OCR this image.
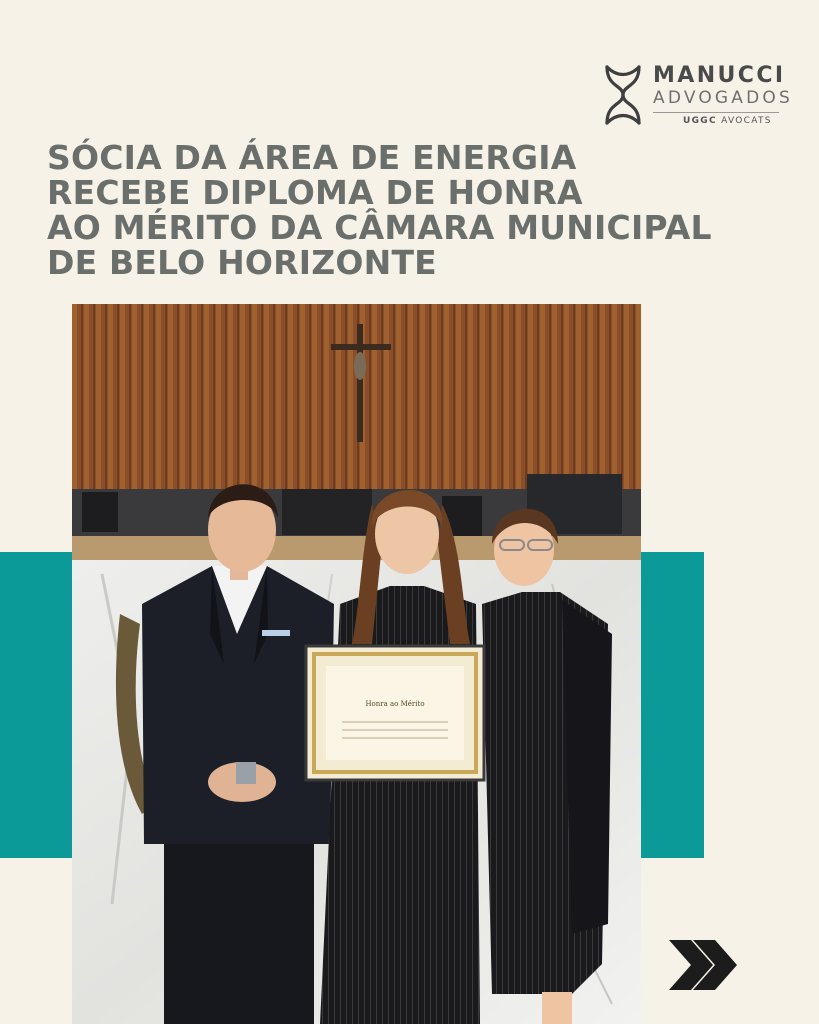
MANUCCI
ADVOGADOS
UGGC AVOCATS
SÓCIA DA ÁREA DE ENERGIA
RECEBE DIPLOMA DE HONRA
AO MÉRITO DA CÂMARA MUNICIPAL
DE BELO HORIZONTE
Honra ao Mérito
